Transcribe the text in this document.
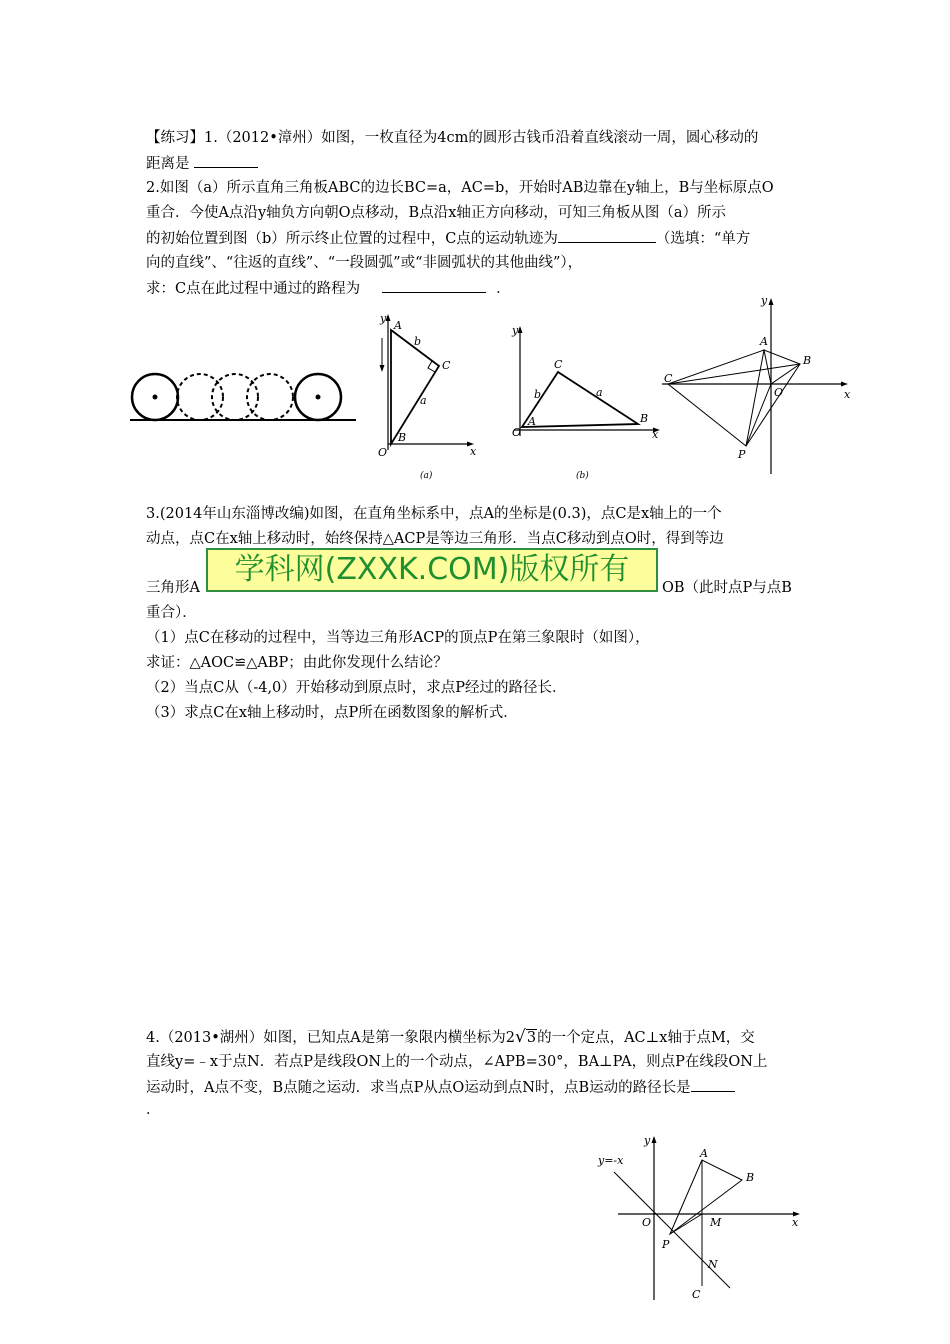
【练习】1.（2012•漳州）如图，一枚直径为4cm的圆形古钱币沿着直线滚动一周，圆心移动的
距离是
2.如图（a）所示直角三角板ABC的边长BC=a，AC=b，开始时AB边靠在y轴上，B与坐标原点O
重合．今使A点沿y轴负方向朝O点移动，B点沿x轴正方向移动，可知三角板从图（a）所示
的初始位置到图（b）所示终止位置的过程中，C点的运动轨迹为	（选填：“单方
向的直线”、“往返的直线”、“一段圆弧”或“非圆弧状的其他曲线”），
求：C点在此过程中通过的路程为	．
y
A
b
C
a
B
O	x
(a)
y
C
b	a
A
O
B
x
(b)
y
A
B
C
O	x
P
3.(2014年山东淄博改编)如图，在直角坐标系中，点A的坐标是(0.3)，点C是x轴上的一个
动点，点C在x轴上移动时，始终保持△ACP是等边三角形．当点C移动到点O时，得到等边
三角形A	OB（此时点P与点B
重合）．
（1）点C在移动的过程中，当等边三角形ACP的顶点P在第三象限时（如图），
求证：△AOC≌△ABP；由此你发现什么结论？
（2）当点C从（-4,0）开始移动到原点时，求点P经过的路径长．
（3）求点C在x轴上移动时，点P所在函数图象的解析式．
学科网(ZXXK.COM)版权所有
4.（2013•湖州）如图，已知点A是第一象限内横坐标为2√3的一个定点，AC⊥x轴于点M，交
直线y=﹣x于点N．若点P是线段ON上的一个动点，∠APB=30°，BA⊥PA，则点P在线段ON上
运动时，A点不变，B点随之运动．求当点P从点O运动到点N时，点B运动的路径长是
．
y
y=-x
A
B
O	M	x
P
N
C
